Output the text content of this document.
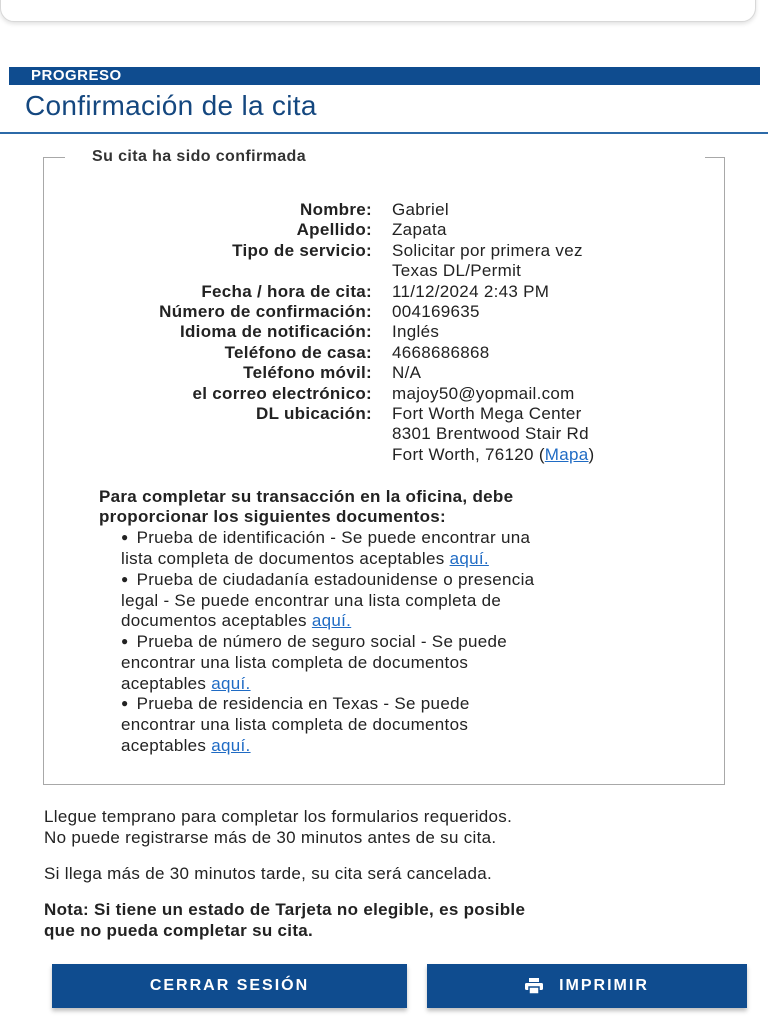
PROGRESO
Confirmación de la cita
Su cita ha sido confirmada
Nombre: Gabriel
Apellido: Zapata
Tipo de servicio: Solicitar por primera vez
Texas DL/Permit
Fecha / hora de cita: 11/12/2024 2:43 PM
Número de confirmación: 004169635
Idioma de notificación: Inglés
Teléfono de casa: 4668686868
Teléfono móvil: N/A
el correo electrónico: majoy50@yopmail.com
DL ubicación: Fort Worth Mega Center
8301 Brentwood Stair Rd
Fort Worth, 76120 (Mapa)
Para completar su transacción en la oficina, debe
proporcionar los siguientes documentos:
● Prueba de identificación - Se puede encontrar una
lista completa de documentos aceptables aquí.
● Prueba de ciudadanía estadounidense o presencia
legal - Se puede encontrar una lista completa de
documentos aceptables aquí.
● Prueba de número de seguro social - Se puede
encontrar una lista completa de documentos
aceptables aquí.
● Prueba de residencia en Texas - Se puede
encontrar una lista completa de documentos
aceptables aquí.

Llegue temprano para completar los formularios requeridos.
No puede registrarse más de 30 minutos antes de su cita.

Si llega más de 30 minutos tarde, su cita será cancelada.

Nota: Si tiene un estado de Tarjeta no elegible, es posible
que no pueda completar su cita.

CERRAR SESIÓN	IMPRIMIR
